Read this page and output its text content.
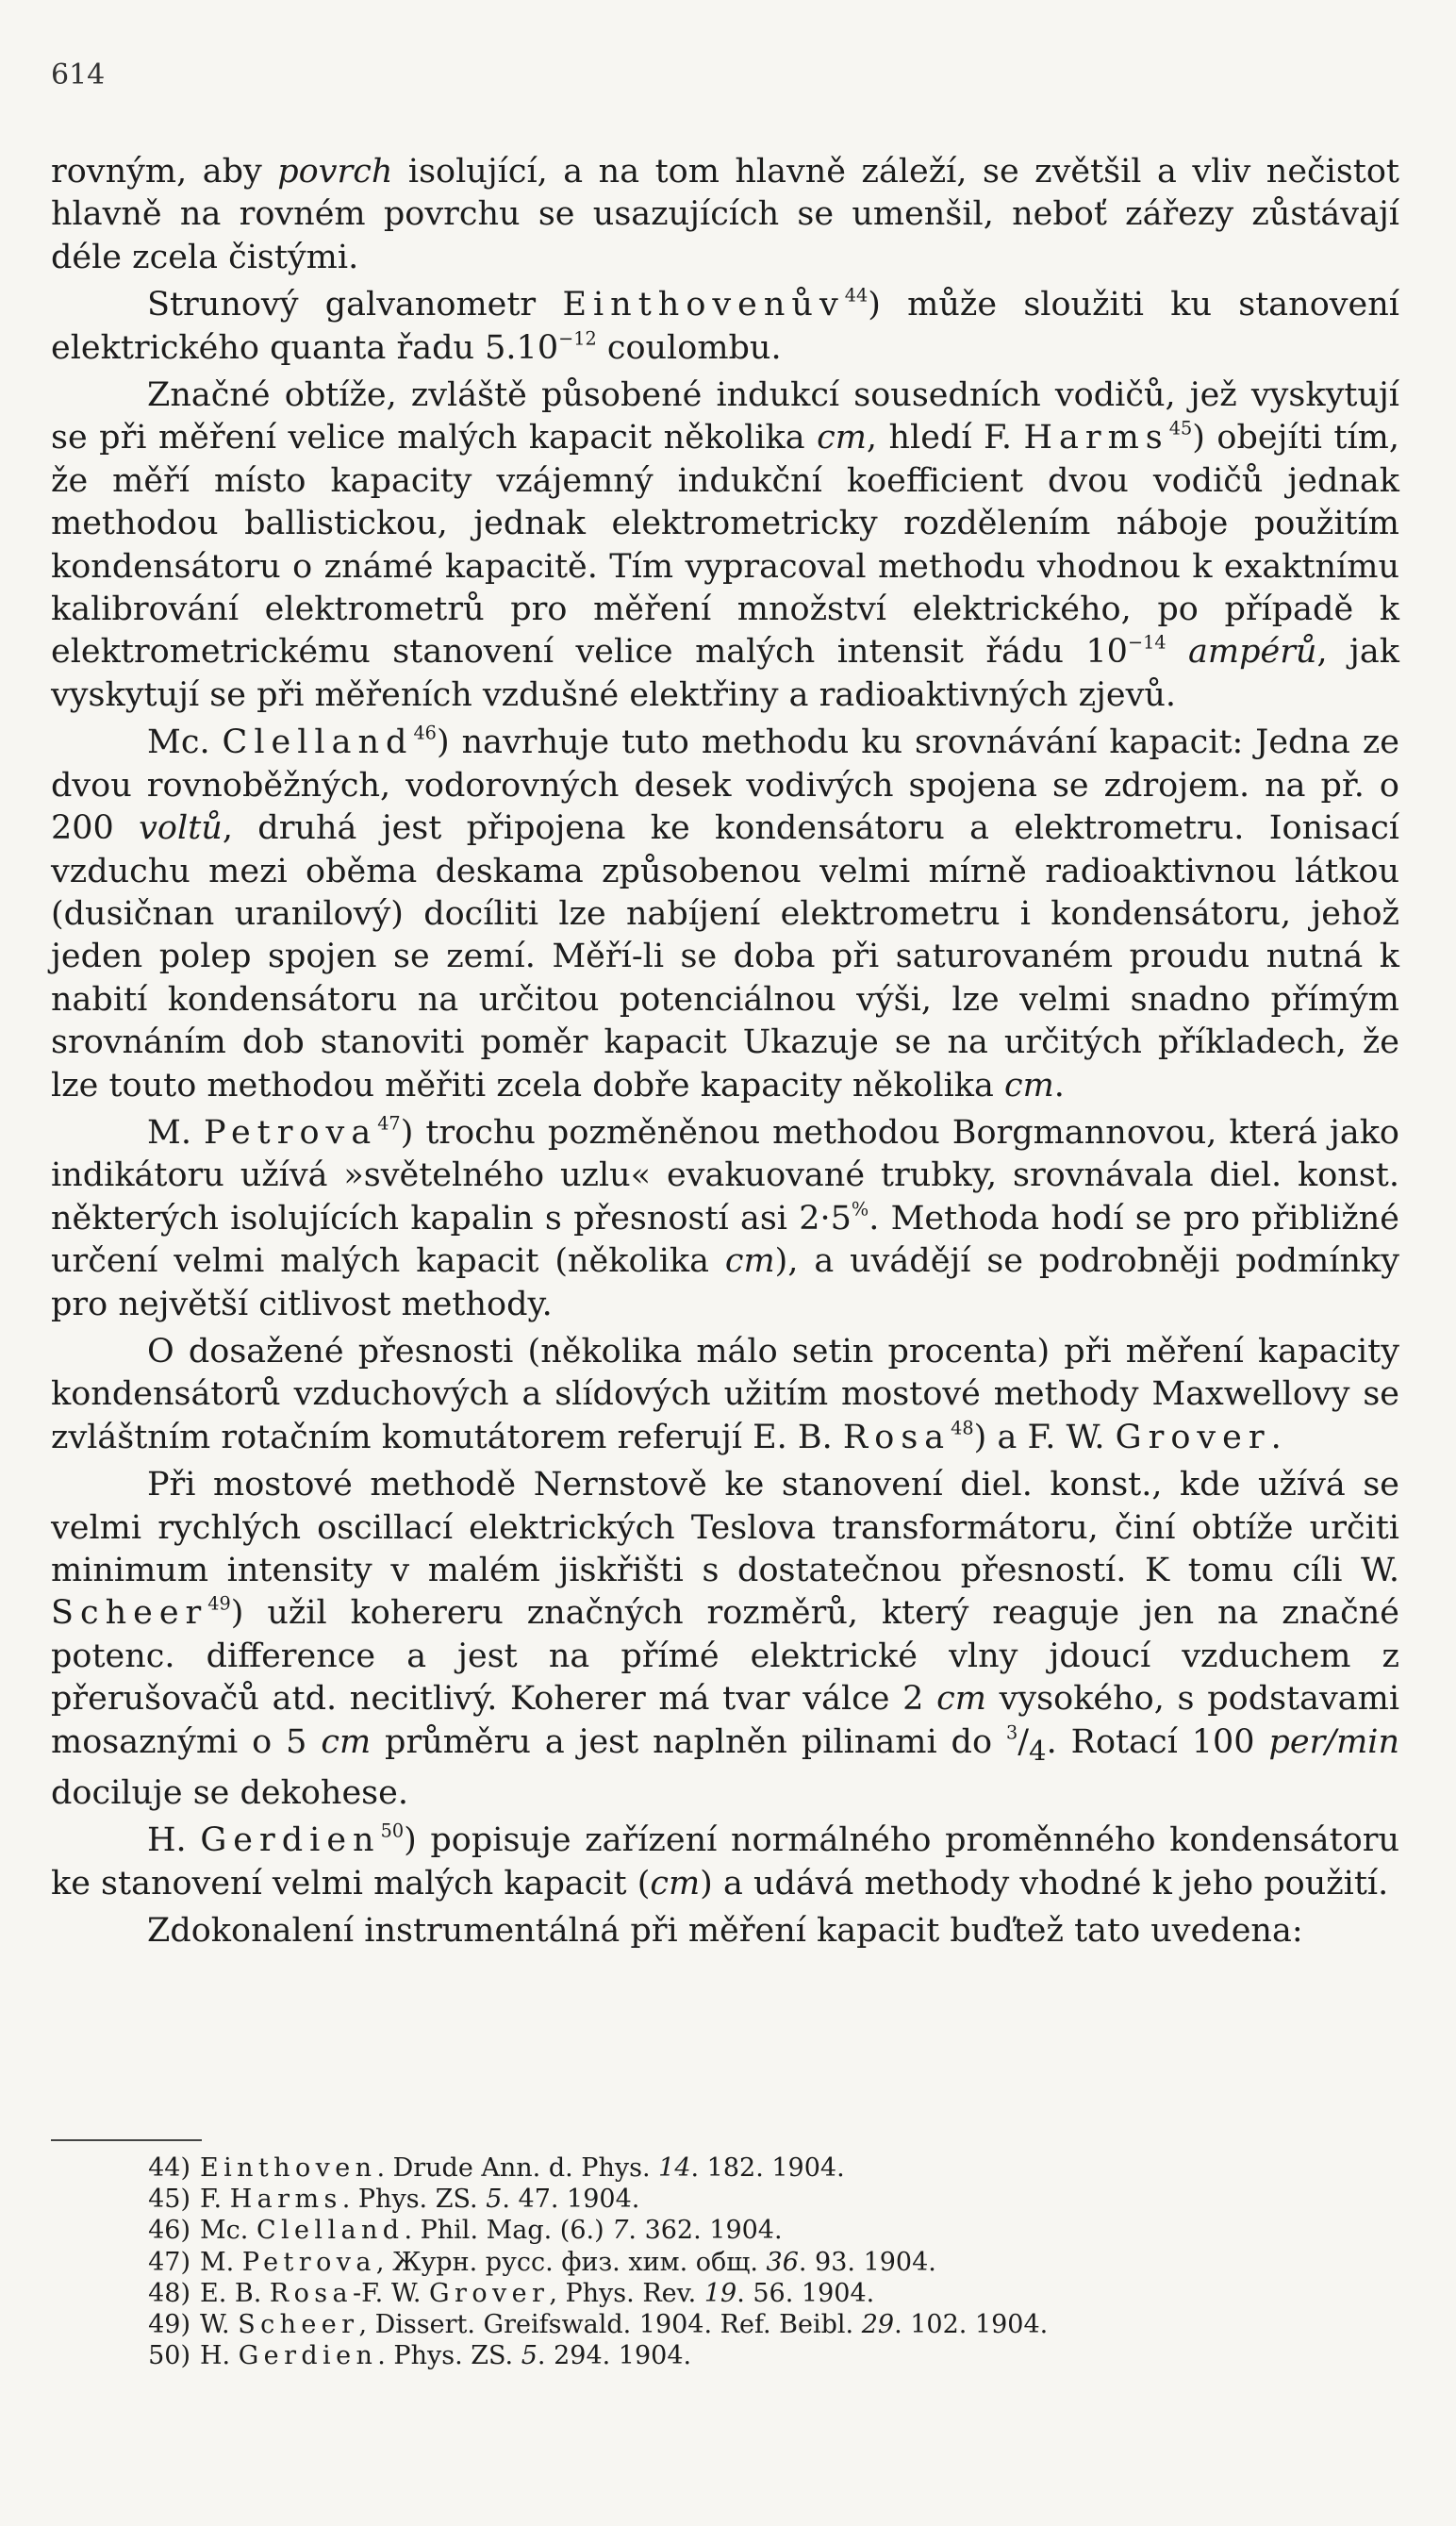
614

rovným, aby povrch isolující, a na tom hlavně záleží, se zvětšil a vliv nečistot hlavně na rovném povrchu se usazujících se umenšil, neboť zářezy zůstávají déle zcela čistými.

Strunový galvanometr Einthovenův$^{44}$) může sloužiti ku stanovení elektrického quanta řadu $5.10^{-12}$ coulombu.

Značné obtíže, zvláště působené indukcí sousedních vodičů, jež vyskytují se při měření velice malých kapacit několika cm, hledí F. Harms$^{45}$) obejíti tím, že měří místo kapacity vzájemný indukční koefficient dvou vodičů jednak methodou ballistickou, jednak elektrometricky rozdělením náboje použitím kondensátoru o známé kapacitě. Tím vypracoval methodu vhodnou k exaktnímu kalibrování elektrometrů pro měření množství elektrického, po případě k elektrometrickému stanovení velice malých intensit řádu $10^{-14}$ ampérů, jak vyskytují se při měřeních vzdušné elektřiny a radioaktivných zjevů.

Mc. Clelland$^{46}$) navrhuje tuto methodu ku srovnávání kapacit: Jedna ze dvou rovnoběžných, vodorovných desek vodivých spojena se zdrojem. na př. o 200 voltů, druhá jest připojena ke kondensátoru a elektrometru. Ionisací vzduchu mezi oběma deskama způsobenou velmi mírně radioaktivnou látkou (dusičnan uranilový) docíliti lze nabíjení elektrometru i kondensátoru, jehož jeden polep spojen se zemí. Měří-li se doba při saturovaném proudu nutná k nabití kondensátoru na určitou potenciálnou výši, lze velmi snadno přímým srovnáním dob stanoviti poměr kapacit Ukazuje se na určitých příkladech, že lze touto methodou měřiti zcela dobře kapacity několika cm.

M. Petrova$^{47}$) trochu pozměněnou methodou Borgmannovou, která jako indikátoru užívá »světelného uzlu« evakuované trubky, srovnávala diel. konst. některých isolujících kapalin s přesností asi 2·5%. Methoda hodí se pro přibližné určení velmi malých kapacit (několika cm), a uvádějí se podrobněji podmínky pro největší citlivost methody.

O dosažené přesnosti (několika málo setin procenta) při měření kapacity kondensátorů vzduchových a slídových užitím mostové methody Maxwellovy se zvláštním rotačním komutátorem referují E. B. Rosa$^{48}$) a F. W. Grover.

Při mostové methodě Nernstově ke stanovení diel. konst., kde užívá se velmi rychlých oscillací elektrických Teslova transformátoru, činí obtíže určiti minimum intensity v malém jiskřišti s dostatečnou přesností. K tomu cíli W. Scheer$^{49}$) užil kohereru značných rozměrů, který reaguje jen na značné potenc. difference a jest na přímé elektrické vlny jdoucí vzduchem z přerušovačů atd. necitlivý. Koherer má tvar válce 2 cm vysokého, s podstavami mosaznými o 5 cm průměru a jest naplněn pilinami do $^3/_4$. Rotací 100 per/min dociluje se dekohese.

H. Gerdien$^{50}$) popisuje zařízení normálného proměnného kondensátoru ke stanovení velmi malých kapacit (cm) a udává methody vhodné k jeho použití.

Zdokonalení instrumentálná při měření kapacit buďtež tato uvedena:

44) Einthoven. Drude Ann. d. Phys. 14. 182. 1904.
45) F. Harms. Phys. ZS. 5. 47. 1904.
46) Mc. Clelland. Phil. Mag. (6.) 7. 362. 1904.
47) M. Petrova, Журн. русс. физ. хим. общ. 36. 93. 1904.
48) E. B. Rosa-F. W. Grover, Phys. Rev. 19. 56. 1904.
49) W. Scheer, Dissert. Greifswald. 1904. Ref. Beibl. 29. 102. 1904.
50) H. Gerdien. Phys. ZS. 5. 294. 1904.
